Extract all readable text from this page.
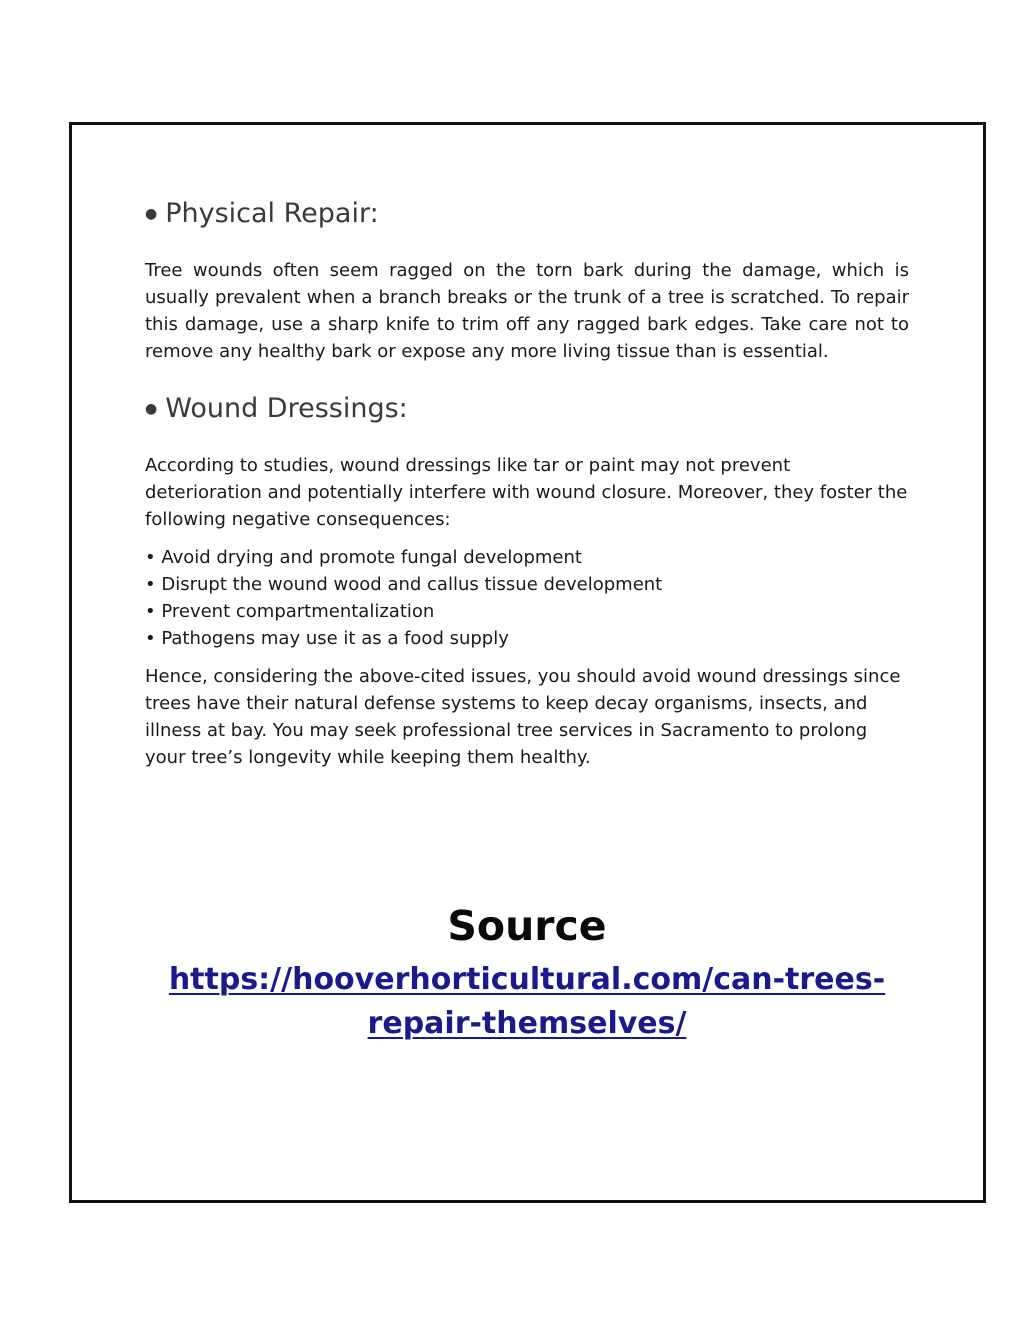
● Physical Repair:

Tree wounds often seem ragged on the torn bark during the damage, which is usually prevalent when a branch breaks or the trunk of a tree is scratched. To repair this damage, use a sharp knife to trim off any ragged bark edges. Take care not to remove any healthy bark or expose any more living tissue than is essential.

● Wound Dressings:

According to studies, wound dressings like tar or paint may not prevent deterioration and potentially interfere with wound closure. Moreover, they foster the following negative consequences:

• Avoid drying and promote fungal development
• Disrupt the wound wood and callus tissue development
• Prevent compartmentalization
• Pathogens may use it as a food supply

Hence, considering the above-cited issues, you should avoid wound dressings since trees have their natural defense systems to keep decay organisms, insects, and illness at bay. You may seek professional tree services in Sacramento to prolong your tree’s longevity while keeping them healthy.

Source
https://hooverhorticultural.com/can-trees-repair-themselves/
